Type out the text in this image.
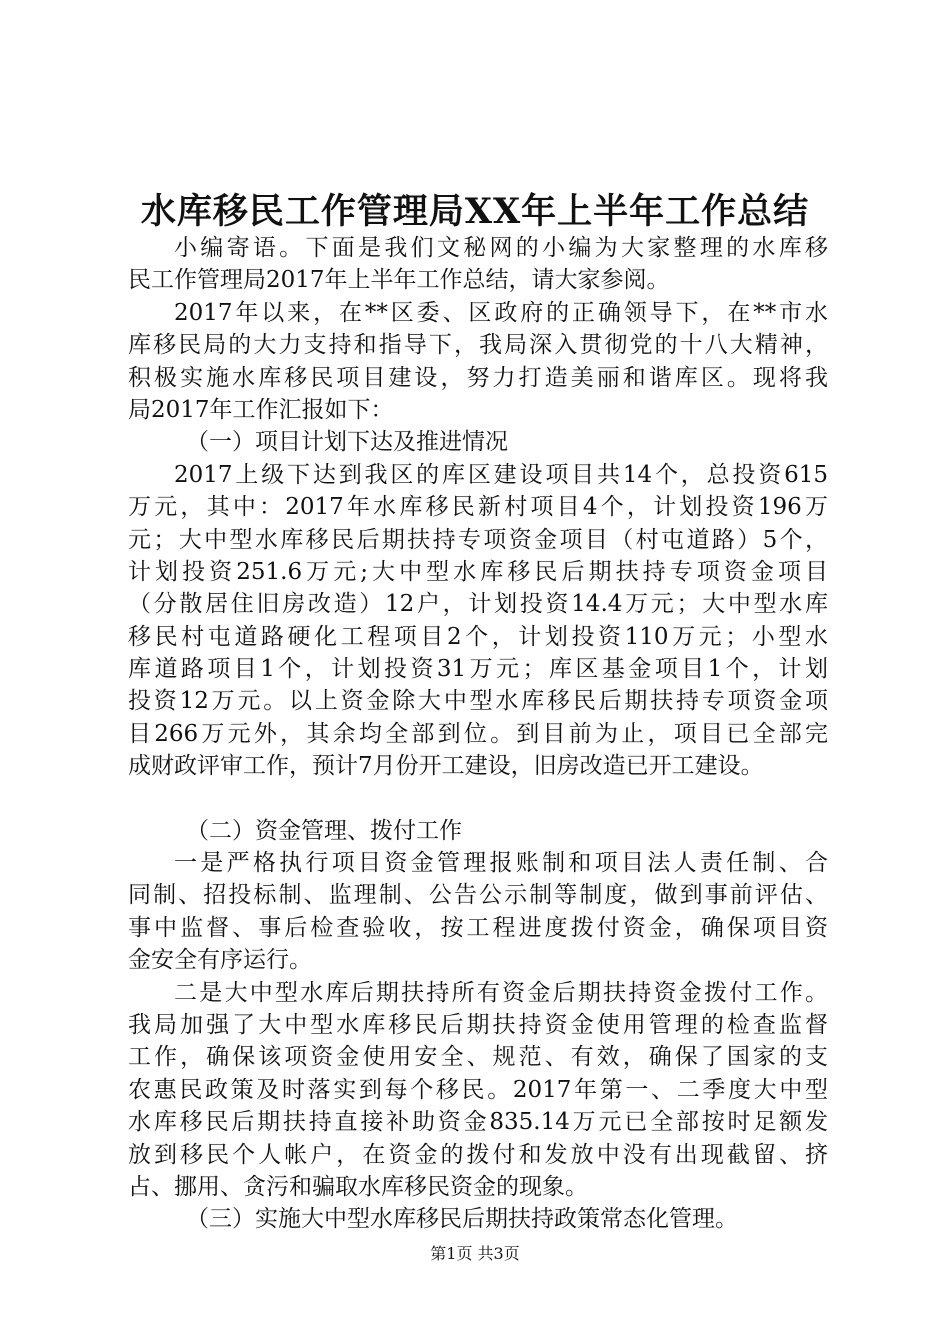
水库移民工作管理局XX年上半年工作总结
小编寄语。下面是我们文秘网的小编为大家整理的水库移
民工作管理局2017年上半年工作总结，请大家参阅。
2017年以来，在**区委、区政府的正确领导下，在**市水
库移民局的大力支持和指导下，我局深入贯彻党的十八大精神，
积极实施水库移民项目建设，努力打造美丽和谐库区。现将我
局2017年工作汇报如下：
（一）项目计划下达及推进情况
2017上级下达到我区的库区建设项目共14个，总投资615
万元，其中：2017年水库移民新村项目4个，计划投资196万
元；大中型水库移民后期扶持专项资金项目（村屯道路）5个，
计划投资251.6万元;大中型水库移民后期扶持专项资金项目
（分散居住旧房改造）12户，计划投资14.4万元；大中型水库
移民村屯道路硬化工程项目2个，计划投资110万元；小型水
库道路项目1个，计划投资31万元；库区基金项目1个，计划
投资12万元。以上资金除大中型水库移民后期扶持专项资金项
目266万元外，其余均全部到位。到目前为止，项目已全部完
成财政评审工作，预计7月份开工建设，旧房改造已开工建设。
（二）资金管理、拨付工作
一是严格执行项目资金管理报账制和项目法人责任制、合
同制、招投标制、监理制、公告公示制等制度，做到事前评估、
事中监督、事后检查验收，按工程进度拨付资金，确保项目资
金安全有序运行。
二是大中型水库后期扶持所有资金后期扶持资金拨付工作。
我局加强了大中型水库移民后期扶持资金使用管理的检查监督
工作，确保该项资金使用安全、规范、有效，确保了国家的支
农惠民政策及时落实到每个移民。2017年第一、二季度大中型
水库移民后期扶持直接补助资金835.14万元已全部按时足额发
放到移民个人帐户，在资金的拨付和发放中没有出现截留、挤
占、挪用、贪污和骗取水库移民资金的现象。
（三）实施大中型水库移民后期扶持政策常态化管理。
第1页 共3页
